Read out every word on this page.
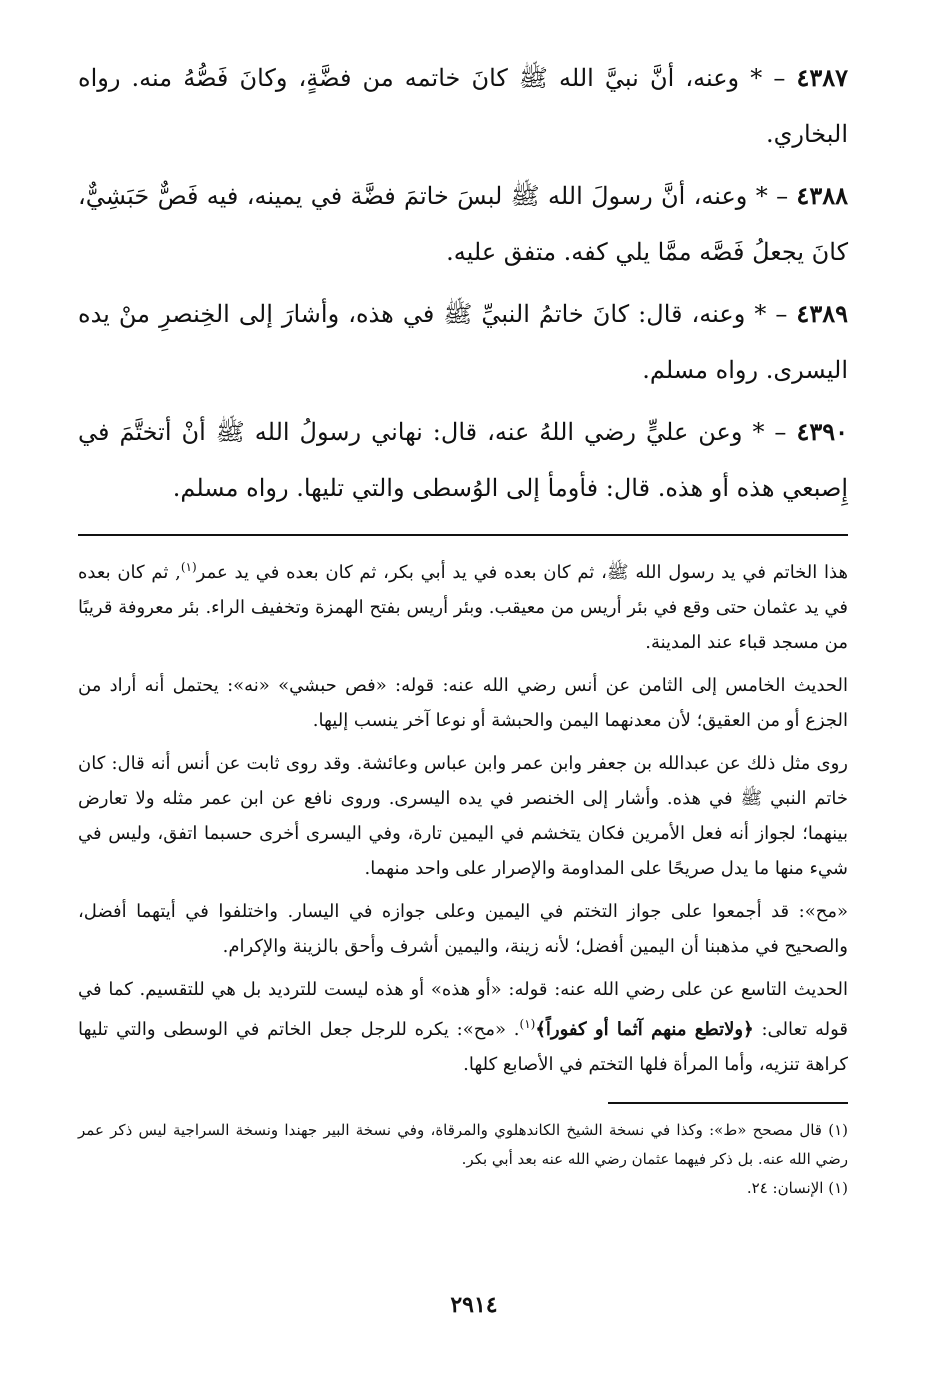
٤٣٨٧ – * وعنه، أنَّ نبيَّ الله ﷺ كانَ خاتمه من فضَّةٍ، وكانَ فَصُّهُ منه. رواه البخاري.

٤٣٨٨ – * وعنه، أنَّ رسولَ الله ﷺ لبسَ خاتمَ فضَّة في يمينه، فيه فَصٌّ حَبَشِيٌّ، كانَ يجعلُ فَصَّه ممَّا يلي كفه. متفق عليه.

٤٣٨٩ – * وعنه، قال: كانَ خاتمُ النبيِّ ﷺ في هذه، وأشارَ إلى الخِنصرِ منْ يده اليسرى. رواه مسلم.

٤٣٩٠ – * وعن عليٍّ رضي اللهُ عنه، قال: نهاني رسولُ الله ﷺ أنْ أتختَّمَ في إِصبعي هذه أو هذه. قال: فأومأ إلى الوُسطى والتي تليها. رواه مسلم.

هذا الخاتم في يد رسول الله ﷺ، ثم كان بعده في يد أبي بكر، ثم كان بعده في يد عمر$^{(١)}$, ثم كان بعده في يد عثمان حتى وقع في بئر أريس من معيقب. وبئر أريس بفتح الهمزة وتخفيف الراء. بئر معروفة قريبًا من مسجد قباء عند المدينة.

الحديث الخامس إلى الثامن عن أنس رضي الله عنه: قوله: «فص حبشي» «نه»: يحتمل أنه أراد من الجزع أو من العقيق؛ لأن معدنهما اليمن والحبشة أو نوعا آخر ينسب إليها.

روى مثل ذلك عن عبدالله بن جعفر وابن عمر وابن عباس وعائشة. وقد روى ثابت عن أنس أنه قال: كان خاتم النبي ﷺ في هذه. وأشار إلى الخنصر في يده اليسرى. وروى نافع عن ابن عمر مثله ولا تعارض بينهما؛ لجواز أنه فعل الأمرين فكان يتخشم في اليمين تارة، وفي اليسرى أخرى حسبما اتفق، وليس في شيء منها ما يدل صريحًا على المداومة والإصرار على واحد منهما.

«مح»: قد أجمعوا على جواز التختم في اليمين وعلى جوازه في اليسار. واختلفوا في أيتهما أفضل، والصحيح في مذهبنا أن اليمين أفضل؛ لأنه زينة، واليمين أشرف وأحق بالزينة والإكرام.

الحديث التاسع عن على رضي الله عنه: قوله: «أو هذه» أو هذه ليست للترديد بل هي للتقسيم. كما في قوله تعالى: ﴿ولاتطع منهم آثما أو كفوراً﴾$^{(١)}$. «مح»: يكره للرجل جعل الخاتم في الوسطى والتي تليها كراهة تنزيه، وأما المرأة فلها التختم في الأصابع كلها.

(١) قال مصحح «ط»: وكذا في نسخة الشيخ الكاندهلوي والمرقاة، وفي نسخة البير جهندا ونسخة السراجية ليس ذكر عمر رضي الله عنه. بل ذكر فيهما عثمان رضي الله عنه بعد أبي بكر.

(١) الإنسان: ٢٤.

٢٩١٤
